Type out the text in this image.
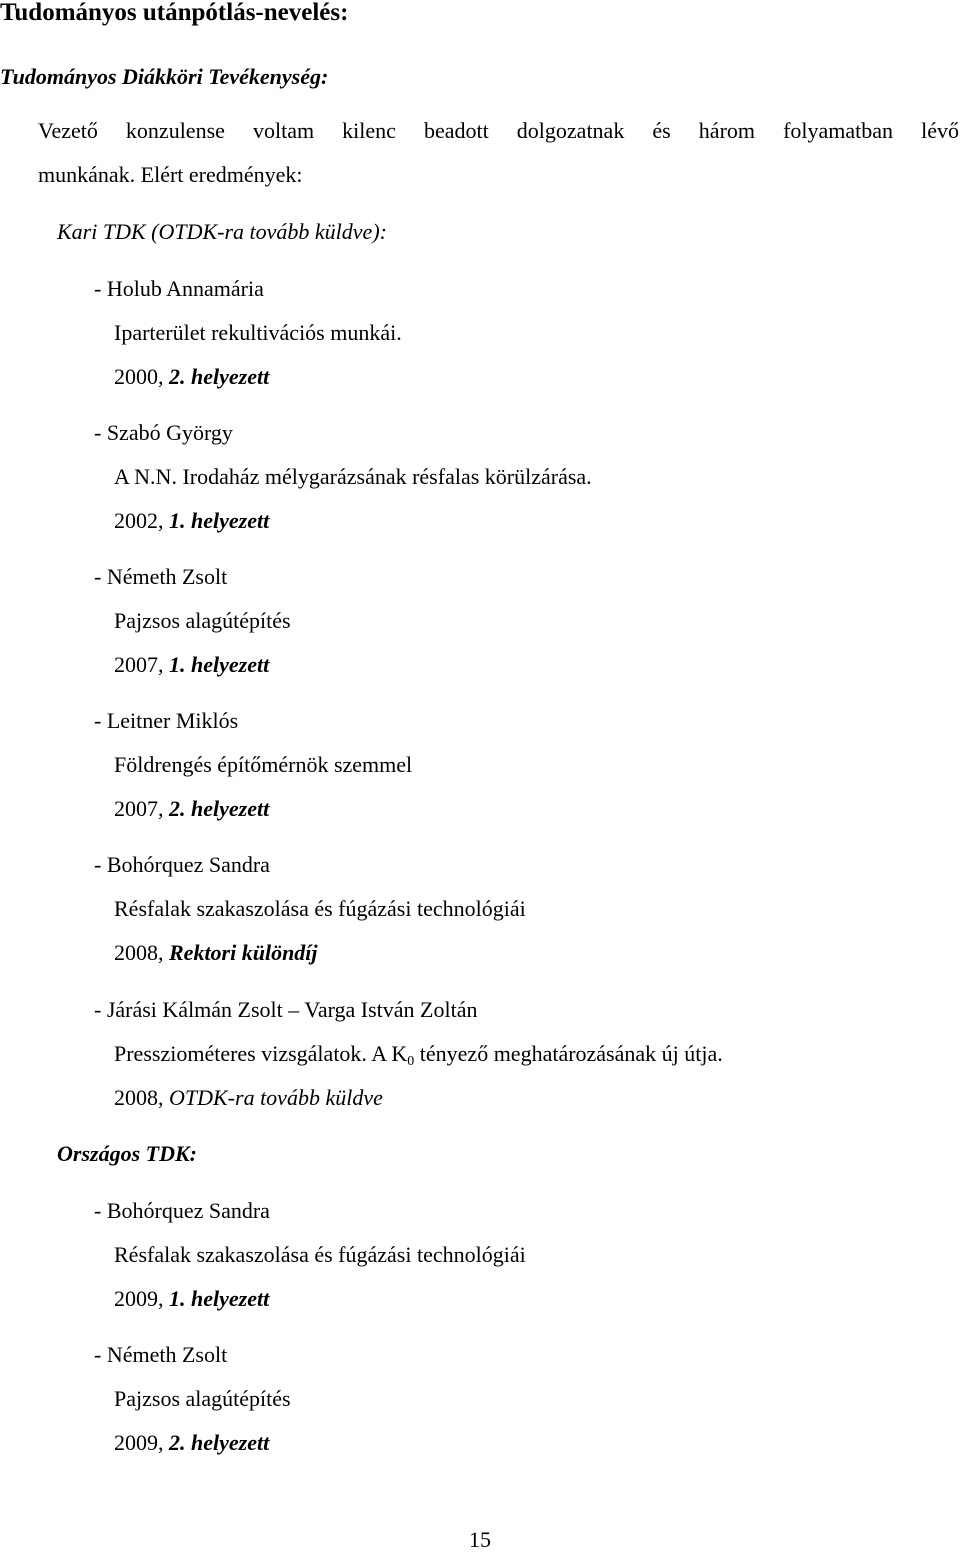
Tudományos utánpótlás-nevelés:
Tudományos Diákköri Tevékenység:
Vezető konzulense voltam kilenc beadott dolgozatnak és három folyamatban lévő
munkának. Elért eredmények:
Kari TDK (OTDK-ra tovább küldve):
- Holub Annamária
Iparterület rekultivációs munkái.
2000, 2. helyezett
- Szabó György
A N.N. Irodaház mélygarázsának résfalas körülzárása.
2002, 1. helyezett
- Németh Zsolt
Pajzsos alagútépítés
2007, 1. helyezett
- Leitner Miklós
Földrengés építőmérnök szemmel
2007, 2. helyezett
- Bohórquez Sandra
Résfalak szakaszolása és fúgázási technológiái
2008, Rektori különdíj
- Járási Kálmán Zsolt – Varga István Zoltán
Pressziométeres vizsgálatok. A $K_0$ tényező meghatározásának új útja.
2008, OTDK-ra tovább küldve
Országos TDK:
- Bohórquez Sandra
Résfalak szakaszolása és fúgázási technológiái
2009, 1. helyezett
- Németh Zsolt
Pajzsos alagútépítés
2009, 2. helyezett
15
